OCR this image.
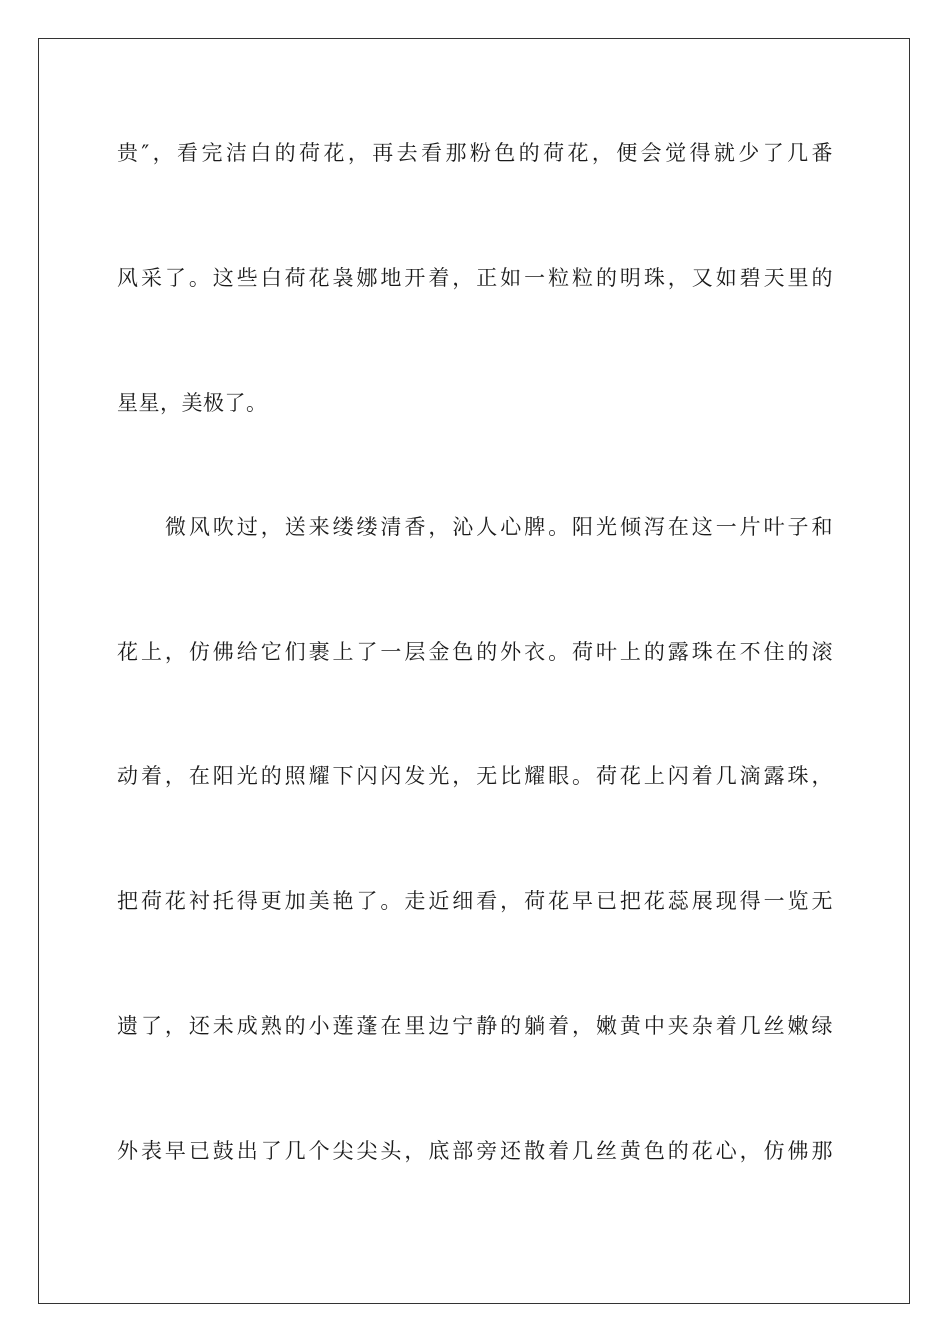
贵″，看完洁白的荷花，再去看那粉色的荷花，便会觉得就少了几番
风采了。这些白荷花袅娜地开着，正如一粒粒的明珠，又如碧天里的
星星，美极了。
微风吹过，送来缕缕清香，沁人心脾。阳光倾泻在这一片叶子和
花上，仿佛给它们裹上了一层金色的外衣。荷叶上的露珠在不住的滚
动着，在阳光的照耀下闪闪发光，无比耀眼。荷花上闪着几滴露珠，
把荷花衬托得更加美艳了。走近细看，荷花早已把花蕊展现得一览无
遗了，还未成熟的小莲蓬在里边宁静的躺着，嫩黄中夹杂着几丝嫩绿
外表早已鼓出了几个尖尖头，底部旁还散着几丝黄色的花心，仿佛那
